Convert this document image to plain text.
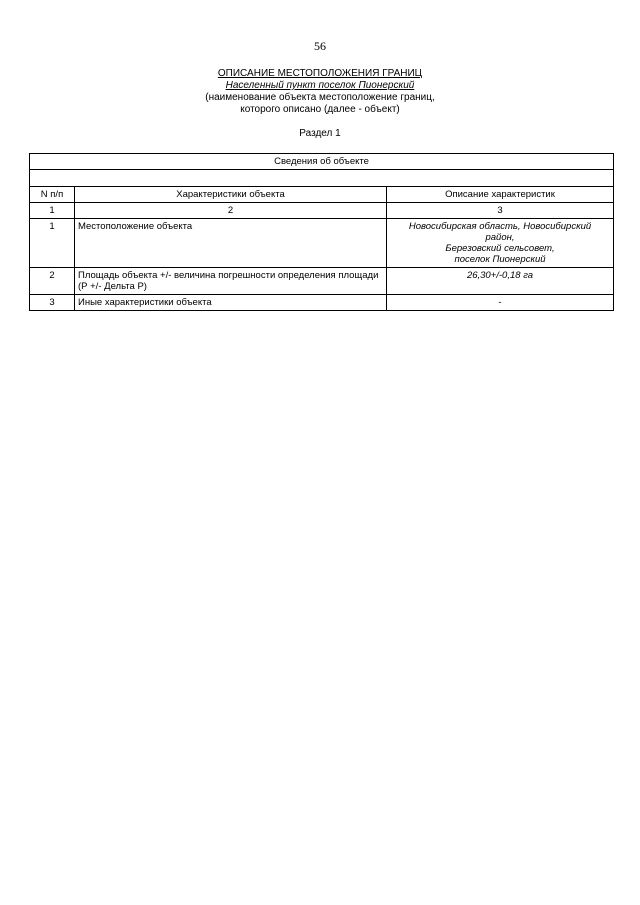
56
ОПИСАНИЕ МЕСТОПОЛОЖЕНИЯ ГРАНИЦ
Населенный пункт поселок Пионерский
(наименование объекта местоположение границ,
которого описано (далее - объект)
Раздел 1
Сведения об объекте		

N п/п	Характеристики объекта	Описание характеристик
1	2	3
1	Местоположение объекта	Новосибирская область, Новосибирский
район,
Березовский сельсовет,
поселок Пионерский

2	Площадь объекта +/- величина погрешности определения площади
(Р +/- Дельта Р)	26,30+/-0,18 га
3	Иные характеристики объекта	-
